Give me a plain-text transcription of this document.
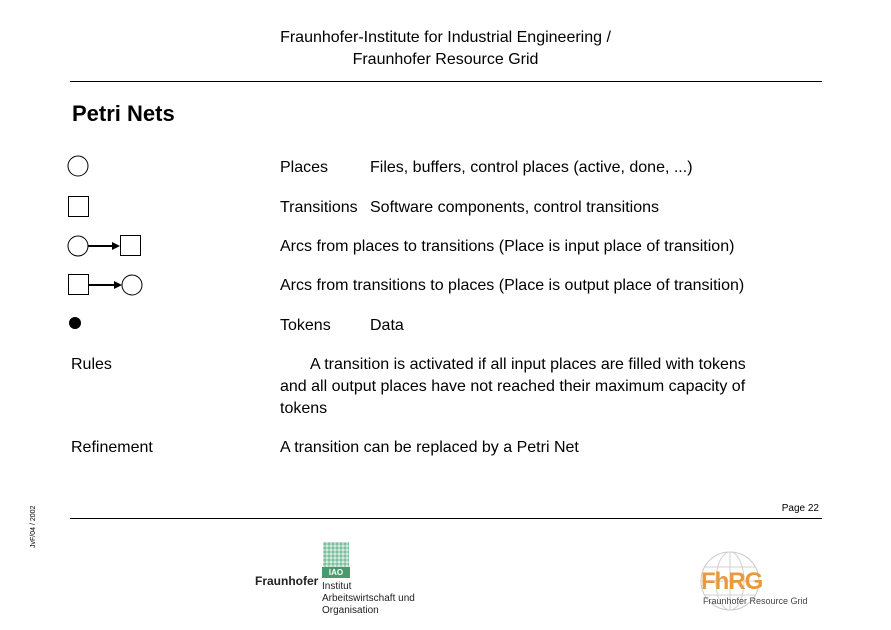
Fraunhofer-Institute for Industrial Engineering /
Fraunhofer Resource Grid
Petri Nets
Places	Files, buffers, control places (active, done, ...)
Transitions Software components, control transitions
Arcs from places to transitions (Place is input place of transition)
Arcs from transitions to places (Place is output place of transition)
Tokens Data
Rules	A transition is activated if all input places are filled with tokens
and all output places have not reached their maximum capacity of
tokens
Refinement	A transition can be replaced by a Petri Net
Page 22
JvF/04 / 2002
IAO
Fraunhofer Institut
Arbeitswirtschaft und
Organisation
FhRG
Fraunhofer Resource Grid
